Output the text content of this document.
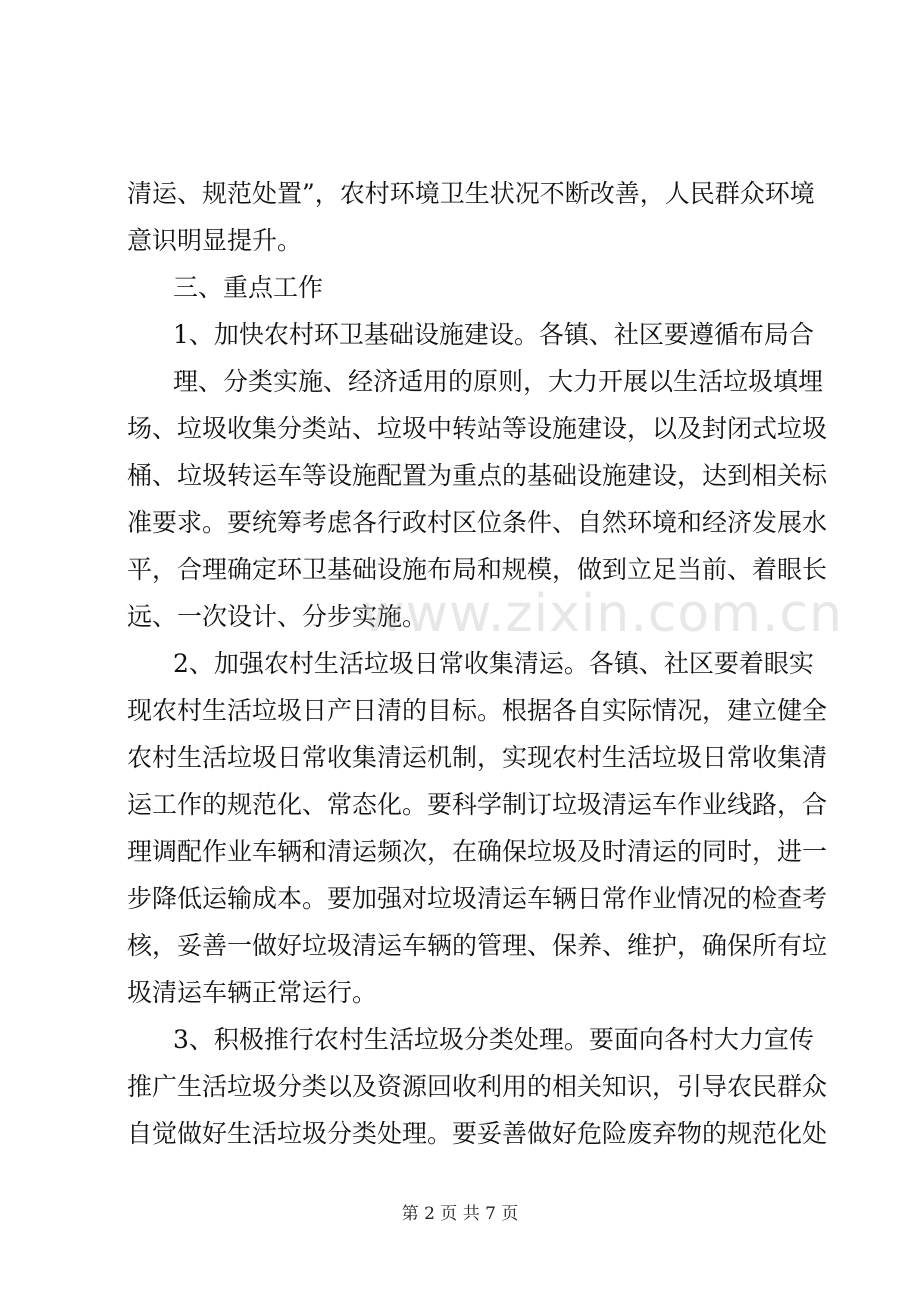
清运、规范处置”，农村环境卫生状况不断改善，人民群众环境
意识明显提升。
三、重点工作
1、加快农村环卫基础设施建设。各镇、社区要遵循布局合
理、分类实施、经济适用的原则，大力开展以生活垃圾填埋
场、垃圾收集分类站、垃圾中转站等设施建设，以及封闭式垃圾
桶、垃圾转运车等设施配置为重点的基础设施建设，达到相关标
准要求。要统筹考虑各行政村区位条件、自然环境和经济发展水
平，合理确定环卫基础设施布局和规模，做到立足当前、着眼长
远、一次设计、分步实施。
2、加强农村生活垃圾日常收集清运。各镇、社区要着眼实
现农村生活垃圾日产日清的目标。根据各自实际情况，建立健全
农村生活垃圾日常收集清运机制，实现农村生活垃圾日常收集清
运工作的规范化、常态化。要科学制订垃圾清运车作业线路，合
理调配作业车辆和清运频次，在确保垃圾及时清运的同时，进一
步降低运输成本。要加强对垃圾清运车辆日常作业情况的检查考
核，妥善一做好垃圾清运车辆的管理、保养、维护，确保所有垃
圾清运车辆正常运行。
3、积极推行农村生活垃圾分类处理。要面向各村大力宣传
推广生活垃圾分类以及资源回收利用的相关知识，引导农民群众
自觉做好生活垃圾分类处理。要妥善做好危险废弃物的规范化处
www.zixin.com.cn
第 2 页 共 7 页
